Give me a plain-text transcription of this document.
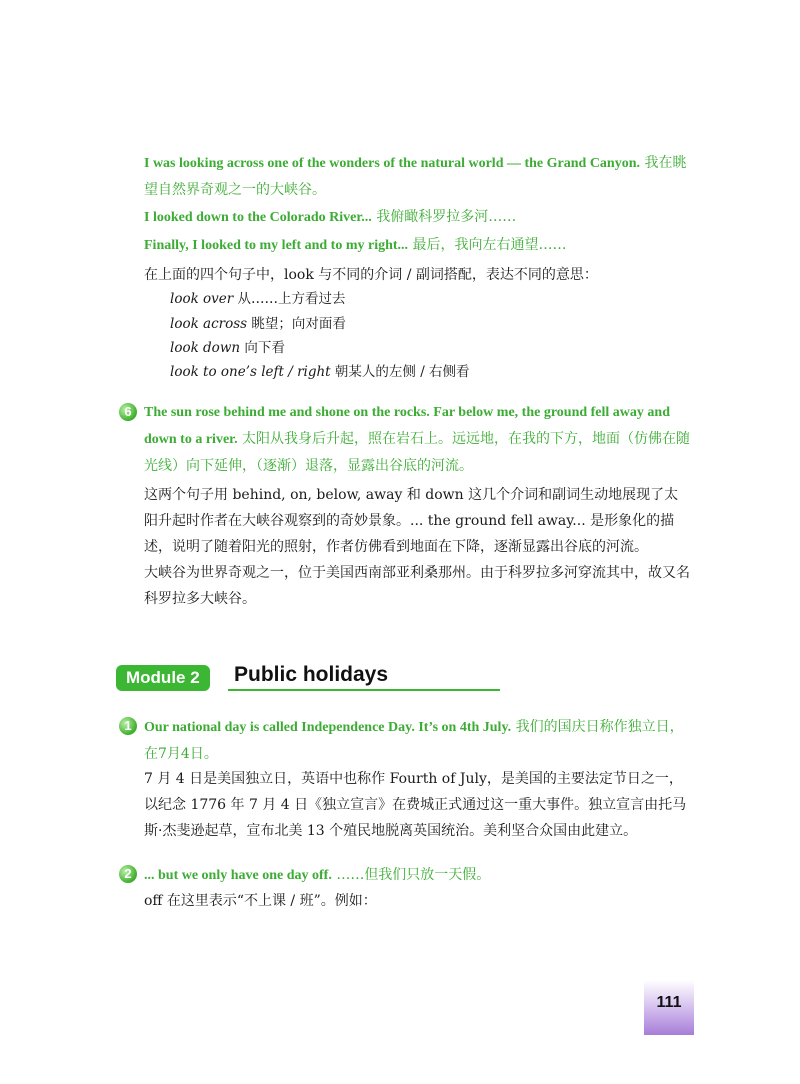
I was looking across one of the wonders of the natural world — the Grand Canyon. 我在眺望自然界奇观之一的大峡谷。
I looked down to the Colorado River... 我俯瞰科罗拉多河……
Finally, I looked to my left and to my right... 最后，我向左右通望……
在上面的四个句子中，look 与不同的介词 / 副词搭配，表达不同的意思：
look over 从……上方看过去
look across 眺望；向对面看
look down 向下看
look to one’s left / right 朝某人的左侧 / 右侧看
6 The sun rose behind me and shone on the rocks. Far below me, the ground fell away and down to a river. 太阳从我身后升起，照在岩石上。远远地，在我的下方，地面（仿佛在随光线）向下延伸，（逐渐）退落，显露出谷底的河流。
这两个句子用 behind, on, below, away 和 down 这几个介词和副词生动地展现了太阳升起时作者在大峡谷观察到的奇妙景象。... the ground fell away... 是形象化的描述，说明了随着阳光的照射，作者仿佛看到地面在下降，逐渐显露出谷底的河流。
大峡谷为世界奇观之一，位于美国西南部亚利桑那州。由于科罗拉多河穿流其中，故又名科罗拉多大峡谷。
Module 2	Public holidays
1 Our national day is called Independence Day. It’s on 4th July. 我们的国庆日称作独立日，在7月4日。
7 月 4 日是美国独立日，英语中也称作 Fourth of July，是美国的主要法定节日之一，以纪念 1776 年 7 月 4 日《独立宣言》在费城正式通过这一重大事件。独立宣言由托马斯·杰斐逊起草，宣布北美 13 个殖民地脱离英国统治。美利坚合众国由此建立。
2 ... but we only have one day off. ……但我们只放一天假。
off 在这里表示“不上课 / 班”。例如：
111
